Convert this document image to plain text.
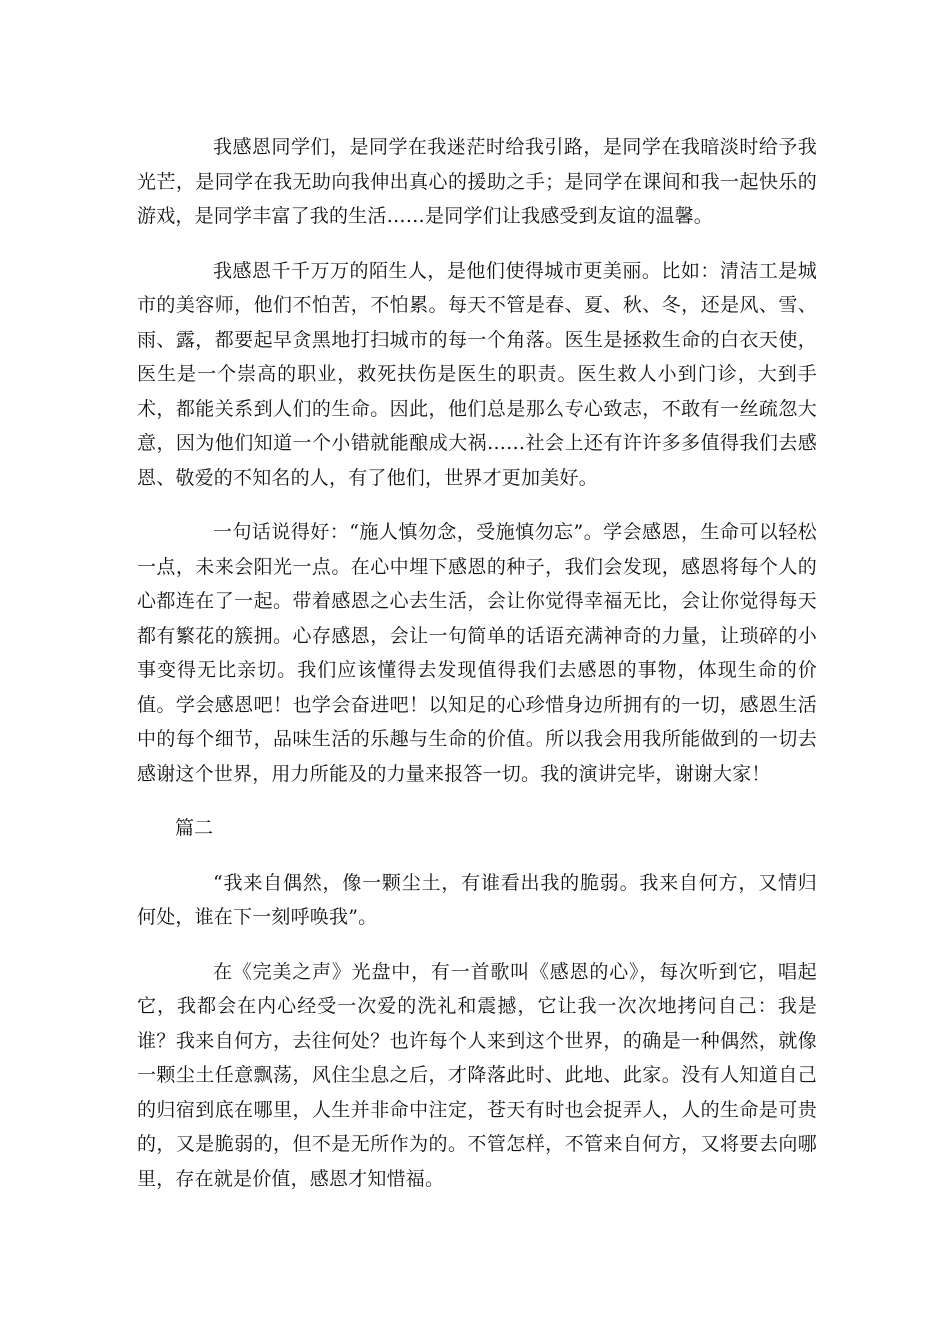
我感恩同学们，是同学在我迷茫时给我引路，是同学在我暗淡时给予我光芒，是同学在我无助向我伸出真心的援助之手；是同学在课间和我一起快乐的游戏，是同学丰富了我的生活……是同学们让我感受到友谊的温馨。

我感恩千千万万的陌生人，是他们使得城市更美丽。比如：清洁工是城市的美容师，他们不怕苦，不怕累。每天不管是春、夏、秋、冬，还是风、雪、雨、露，都要起早贪黑地打扫城市的每一个角落。医生是拯救生命的白衣天使，医生是一个崇高的职业，救死扶伤是医生的职责。医生救人小到门诊，大到手术，都能关系到人们的生命。因此，他们总是那么专心致志，不敢有一丝疏忽大意，因为他们知道一个小错就能酿成大祸……社会上还有许许多多值得我们去感恩、敬爱的不知名的人，有了他们，世界才更加美好。

一句话说得好：“施人慎勿念，受施慎勿忘”。学会感恩，生命可以轻松一点，未来会阳光一点。在心中埋下感恩的种子，我们会发现，感恩将每个人的心都连在了一起。带着感恩之心去生活，会让你觉得幸福无比，会让你觉得每天都有繁花的簇拥。心存感恩，会让一句简单的话语充满神奇的力量，让琐碎的小事变得无比亲切。我们应该懂得去发现值得我们去感恩的事物，体现生命的价值。学会感恩吧！也学会奋进吧！以知足的心珍惜身边所拥有的一切，感恩生活中的每个细节，品味生活的乐趣与生命的价值。所以我会用我所能做到的一切去感谢这个世界，用力所能及的力量来报答一切。我的演讲完毕，谢谢大家！

篇二

“我来自偶然，像一颗尘土，有谁看出我的脆弱。我来自何方，又情归何处，谁在下一刻呼唤我”。

在《完美之声》光盘中，有一首歌叫《感恩的心》，每次听到它，唱起它，我都会在内心经受一次爱的洗礼和震撼，它让我一次次地拷问自己：我是谁？我来自何方，去往何处？也许每个人来到这个世界，的确是一种偶然，就像一颗尘土任意飘荡，风住尘息之后，才降落此时、此地、此家。没有人知道自己的归宿到底在哪里，人生并非命中注定，苍天有时也会捉弄人，人的生命是可贵的，又是脆弱的，但不是无所作为的。不管怎样，不管来自何方，又将要去向哪里，存在就是价值，感恩才知惜福。
